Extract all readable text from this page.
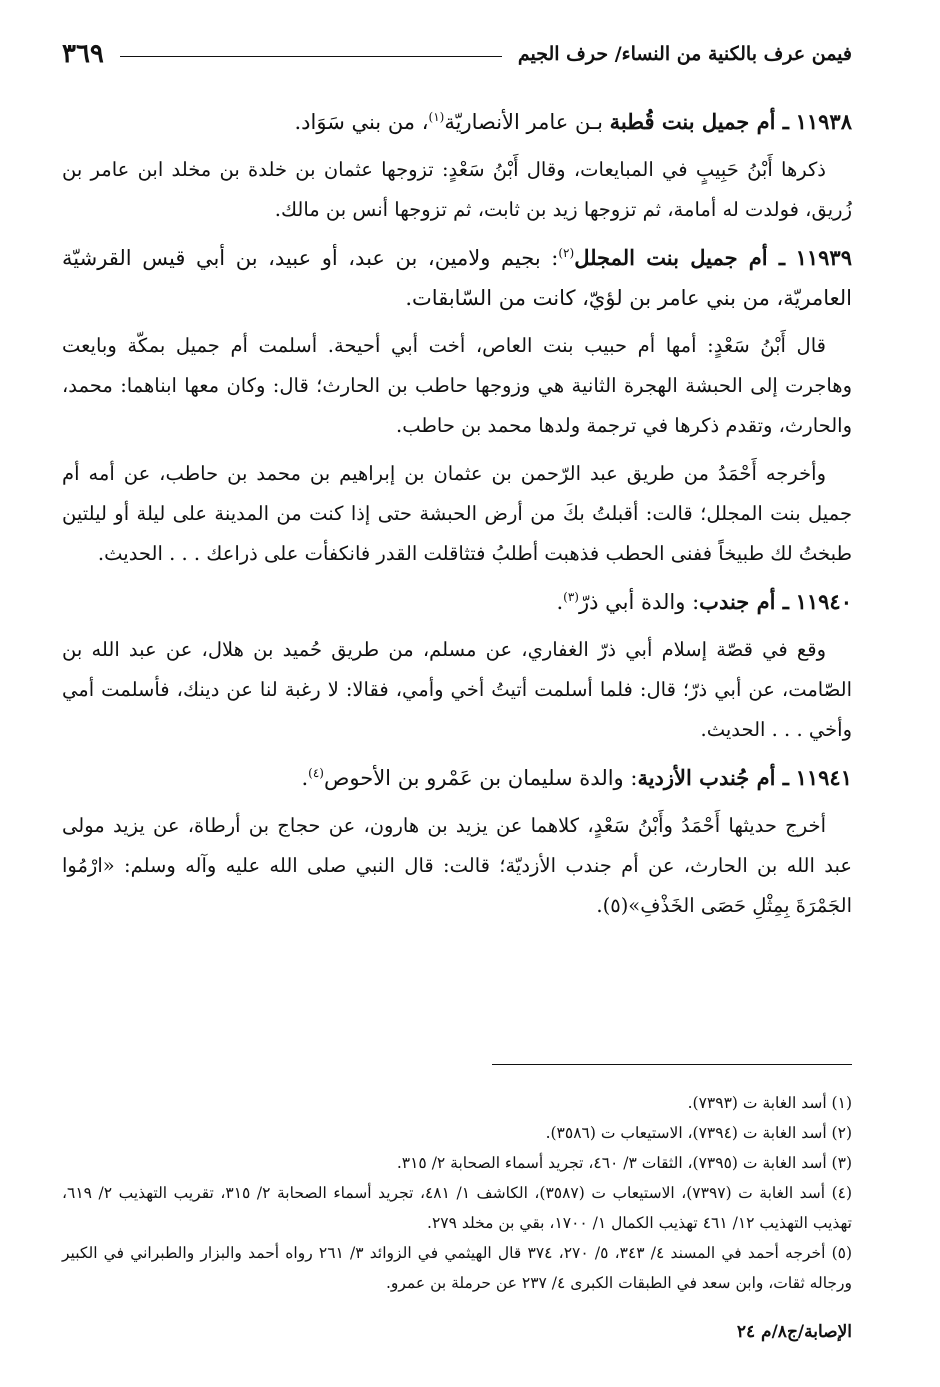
فيمن عرف بالكنية من النساء/ حرف الجيم
٣٦٩

١١٩٣٨ ـ أم جميل بنت قُطبة بـن عامر الأنصاريّة$^{(١)}$، من بني سَوَاد.

ذكرها أَبْنُ حَبِيبٍ في المبايعات، وقال أَبْنُ سَعْدٍ: تزوجها عثمان بن خلدة بن مخلد ابن عامر بن زُريق، فولدت له أمامة، ثم تزوجها زيد بن ثابت، ثم تزوجها أنس بن مالك.

١١٩٣٩ ـ أم جميل بنت المجلل$^{(٢)}$: بجيم ولامين، بن عبد، أو عبيد، بن أبي قيس القرشيّة العامريّة، من بني عامر بن لؤيّ، كانت من السّابقات.

قال أَبْنُ سَعْدٍ: أمها أم حبيب بنت العاص، أخت أبي أحيحة. أسلمت أم جميل بمكّة وبايعت وهاجرت إلى الحبشة الهجرة الثانية هي وزوجها حاطب بن الحارث؛ قال: وكان معها ابناهما: محمد، والحارث، وتقدم ذكرها في ترجمة ولدها محمد بن حاطب.

وأخرجه أَحْمَدُ من طريق عبد الرّحمن بن عثمان بن إبراهيم بن محمد بن حاطب، عن أمه أم جميل بنت المجلل؛ قالت: أقبلتُ بكَ من أرض الحبشة حتى إذا كنت من المدينة على ليلة أو ليلتين طبختُ لك طبيخاً ففنى الحطب فذهبت أطلبُ فتثاقلت القدر فانكفأت على ذراعك . . . الحديث.

١١٩٤٠ ـ أم جندب: والدة أبي ذرّ$^{(٣)}$.

وقع في قصّة إسلام أبي ذرّ الغفاري، عن مسلم، من طريق حُميد بن هلال، عن عبد الله بن الصّامت، عن أبي ذرّ؛ قال: فلما أسلمت أتيتُ أخي وأمي، فقالا: لا رغبة لنا عن دينك، فأسلمت أمي وأخي . . . الحديث.

١١٩٤١ ـ أم جُندب الأزدية: والدة سليمان بن عَمْرو بن الأحوص$^{(٤)}$.

أخرج حديثها أَحْمَدُ وأَبْنُ سَعْدٍ، كلاهما عن يزيد بن هارون، عن حجاج بن أرطاة، عن يزيد مولى عبد الله بن الحارث، عن أم جندب الأزديّة؛ قالت: قال النبي صلى الله عليه وآله وسلم: «ارْمُوا الجَمْرَةَ بِمِثْلِ حَصَى الخَذْفِ»(٥).

(١) أسد الغابة ت (٧٣٩٣).

(٢) أسد الغابة ت (٧٣٩٤)، الاستيعاب ت (٣٥٨٦).

(٣) أسد الغابة ت (٧٣٩٥)، الثقات ٣/ ٤٦٠، تجريد أسماء الصحابة ٢/ ٣١٥.

(٤) أسد الغابة ت (٧٣٩٧)، الاستيعاب ت (٣٥٨٧)، الكاشف ١/ ٤٨١، تجريد أسماء الصحابة ٢/ ٣١٥، تقريب التهذيب ٢/ ٦١٩، تهذيب التهذيب ١٢/ ٤٦١ تهذيب الكمال ١/ ١٧٠٠، بقي بن مخلد ٢٧٩.

(٥) أخرجه أحمد في المسند ٤/ ٣٤٣، ٥/ ٢٧٠، ٣٧٤ قال الهيثمي في الزوائد ٣/ ٢٦١ رواه أحمد والبزار والطبراني في الكبير ورجاله ثقات، وابن سعد في الطبقات الكبرى ٤/ ٢٣٧ عن حرملة بن عمرو.

الإصابة/ج٨/م ٢٤
